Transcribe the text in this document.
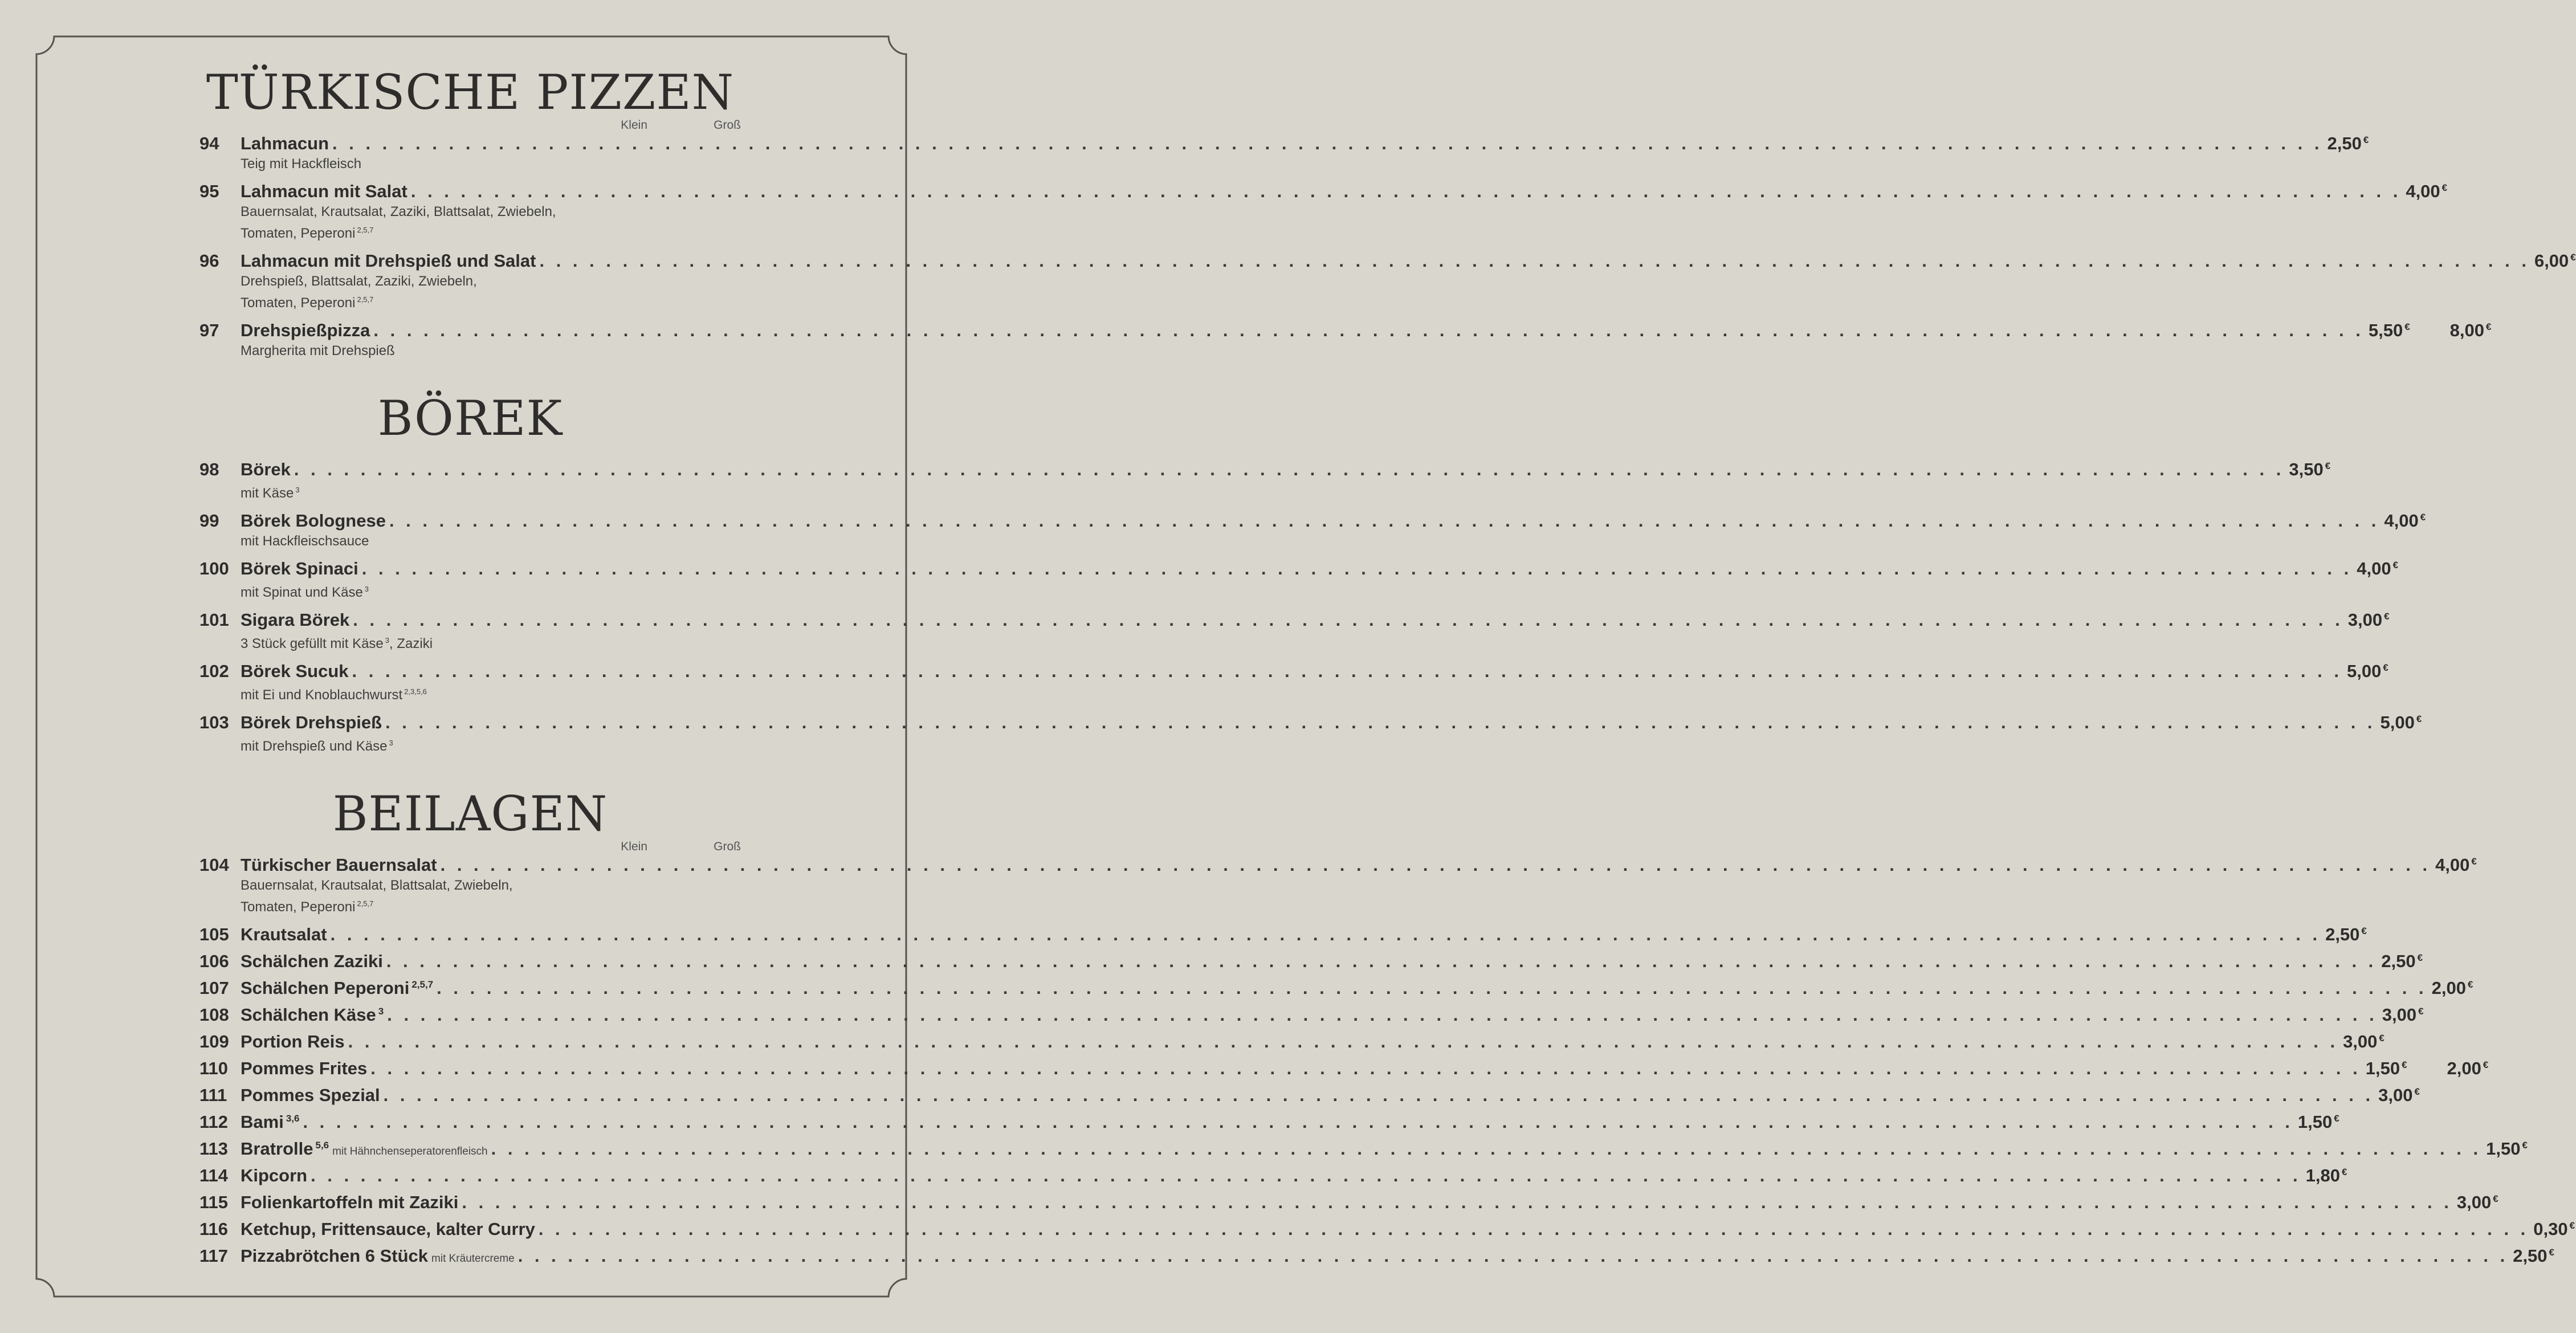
TÜRKISCHE PIZZEN
Klein	Groß
94	Lahmacun . . . . . . . . . . . . . . . . . . . . . . . . . . . . . . . . . . . . . . . . . . . . . . . . . . . . . . . . . . . . . . . . . . . . . . . . . . . . . . . . . . . . . . . . . . . . . . . . . . . . . . . . . . . . . . . . . . . . . . . . 2,50 €
Teig mit Hackfleisch
95	Lahmacun mit Salat . . . . . . . . . . . . . . . . . . . . . . . . . . . . . . . . . . . . . . . . . . . . . . . . . . . . . . . . . . . . . . . . . . . . . . . . . . . . . . . . . . . . . . . . . . . . . . . . . . . . . . . . . . . . . . . . . . . . . . . . 4,00 €
Bauernsalat, Krautsalat, Zaziki, Blattsalat, Zwiebeln,
Tomaten, Peperoni $^{2,5,7}$
96	Lahmacun mit Drehspieß und Salat . . . . . . . . . . . . . . . . . . . . . . . . . . . . . . . . . . . . . . . . . . . . . . . . . . . . . . . . . . . . . . . . . . . . . . . . . . . . . . . . . . . . . . . . . . . . . . . . . . . . . . . . . . . . . . . . . . . . . . . . 6,00 €
Drehspieß, Blattsalat, Zaziki, Zwiebeln,
Tomaten, Peperoni $^{2,5,7}$
97	Drehspießpizza . . . . . . . . . . . . . . . . . . . . . . . . . . . . . . . . . . . . . . . . . . . . . . . . . . . . . . . . . . . . . . . . . . . . . . . . . . . . . . . . . . . . . . . . . . . . . . . . . . . . . . . . . . . . . . . . . . . . . . . . 5,50 € 8,00 €
Margherita mit Drehspieß
BÖREK
98	Börek . . . . . . . . . . . . . . . . . . . . . . . . . . . . . . . . . . . . . . . . . . . . . . . . . . . . . . . . . . . . . . . . . . . . . . . . . . . . . . . . . . . . . . . . . . . . . . . . . . . . . . . . . . . . . . . . . . . . . . . . 3,50 €
mit Käse $^3$
99	Börek Bolognese . . . . . . . . . . . . . . . . . . . . . . . . . . . . . . . . . . . . . . . . . . . . . . . . . . . . . . . . . . . . . . . . . . . . . . . . . . . . . . . . . . . . . . . . . . . . . . . . . . . . . . . . . . . . . . . . . . . . . . . . 4,00 €
mit Hackfleischsauce
100 Börek Spinaci . . . . . . . . . . . . . . . . . . . . . . . . . . . . . . . . . . . . . . . . . . . . . . . . . . . . . . . . . . . . . . . . . . . . . . . . . . . . . . . . . . . . . . . . . . . . . . . . . . . . . . . . . . . . . . . . . . . . . . . . 4,00 €
mit Spinat und Käse $^3$
101 Sigara Börek . . . . . . . . . . . . . . . . . . . . . . . . . . . . . . . . . . . . . . . . . . . . . . . . . . . . . . . . . . . . . . . . . . . . . . . . . . . . . . . . . . . . . . . . . . . . . . . . . . . . . . . . . . . . . . . . . . . . . . . . 3,00 €
3 Stück gefüllt mit Käse $^3$, Zaziki
102 Börek Sucuk . . . . . . . . . . . . . . . . . . . . . . . . . . . . . . . . . . . . . . . . . . . . . . . . . . . . . . . . . . . . . . . . . . . . . . . . . . . . . . . . . . . . . . . . . . . . . . . . . . . . . . . . . . . . . . . . . . . . . . . . 5,00 €
mit Ei und Knoblauchwurst $^{2,3,5,6}$
103 Börek Drehspieß . . . . . . . . . . . . . . . . . . . . . . . . . . . . . . . . . . . . . . . . . . . . . . . . . . . . . . . . . . . . . . . . . . . . . . . . . . . . . . . . . . . . . . . . . . . . . . . . . . . . . . . . . . . . . . . . . . . . . . . . 5,00 €
mit Drehspieß und Käse $^3$
BEILAGEN
Klein	Groß
104 Türkischer Bauernsalat . . . . . . . . . . . . . . . . . . . . . . . . . . . . . . . . . . . . . . . . . . . . . . . . . . . . . . . . . . . . . . . . . . . . . . . . . . . . . . . . . . . . . . . . . . . . . . . . . . . . . . . . . . . . . . . . . . . . . . . . 4,00 €
Bauernsalat, Krautsalat, Blattsalat, Zwiebeln,
Tomaten, Peperoni $^{2,5,7}$
105 Krautsalat . . . . . . . . . . . . . . . . . . . . . . . . . . . . . . . . . . . . . . . . . . . . . . . . . . . . . . . . . . . . . . . . . . . . . . . . . . . . . . . . . . . . . . . . . . . . . . . . . . . . . . . . . . . . . . . . . . . . . . . . 2,50 €
106 Schälchen Zaziki . . . . . . . . . . . . . . . . . . . . . . . . . . . . . . . . . . . . . . . . . . . . . . . . . . . . . . . . . . . . . . . . . . . . . . . . . . . . . . . . . . . . . . . . . . . . . . . . . . . . . . . . . . . . . . . . . . . . . . . . 2,50 €
107 Schälchen Peperoni $^{2,5,7}$ . . . . . . . . . . . . . . . . . . . . . . . . . . . . . . . . . . . . . . . . . . . . . . . . . . . . . . . . . . . . . . . . . . . . . . . . . . . . . . . . . . . . . . . . . . . . . . . . . . . . . . . . . . . . . . . . . . . . . . . . 2,00 €
108 Schälchen Käse $^3$ . . . . . . . . . . . . . . . . . . . . . . . . . . . . . . . . . . . . . . . . . . . . . . . . . . . . . . . . . . . . . . . . . . . . . . . . . . . . . . . . . . . . . . . . . . . . . . . . . . . . . . . . . . . . . . . . . . . . . . . . 3,00 €
109 Portion Reis . . . . . . . . . . . . . . . . . . . . . . . . . . . . . . . . . . . . . . . . . . . . . . . . . . . . . . . . . . . . . . . . . . . . . . . . . . . . . . . . . . . . . . . . . . . . . . . . . . . . . . . . . . . . . . . . . . . . . . . . 3,00 €
110 Pommes Frites . . . . . . . . . . . . . . . . . . . . . . . . . . . . . . . . . . . . . . . . . . . . . . . . . . . . . . . . . . . . . . . . . . . . . . . . . . . . . . . . . . . . . . . . . . . . . . . . . . . . . . . . . . . . . . . . . . . . . . . . 1,50 € 2,00 €
111 Pommes Spezial . . . . . . . . . . . . . . . . . . . . . . . . . . . . . . . . . . . . . . . . . . . . . . . . . . . . . . . . . . . . . . . . . . . . . . . . . . . . . . . . . . . . . . . . . . . . . . . . . . . . . . . . . . . . . . . . . . . . . . . . 3,00 €
112 Bami $^{3,6}$ . . . . . . . . . . . . . . . . . . . . . . . . . . . . . . . . . . . . . . . . . . . . . . . . . . . . . . . . . . . . . . . . . . . . . . . . . . . . . . . . . . . . . . . . . . . . . . . . . . . . . . . . . . . . . . . . . . . . . . . . 1,50 €
113 Bratrolle $^{5,6}$mit Hähnchenseperatorenfleisch . . . . . . . . . . . . . . . . . . . . . . . . . . . . . . . . . . . . . . . . . . . . . . . . . . . . . . . . . . . . . . . . . . . . . . . . . . . . . . . . . . . . . . . . . . . . . . . . . . . . . . . . . . . . . . . . . . . . . . . . 1,50 €
114 Kipcorn . . . . . . . . . . . . . . . . . . . . . . . . . . . . . . . . . . . . . . . . . . . . . . . . . . . . . . . . . . . . . . . . . . . . . . . . . . . . . . . . . . . . . . . . . . . . . . . . . . . . . . . . . . . . . . . . . . . . . . . . 1,80 €
115 Folienkartoffeln mit Zaziki . . . . . . . . . . . . . . . . . . . . . . . . . . . . . . . . . . . . . . . . . . . . . . . . . . . . . . . . . . . . . . . . . . . . . . . . . . . . . . . . . . . . . . . . . . . . . . . . . . . . . . . . . . . . . . . . . . . . . . . . 3,00 €
116 Ketchup, Frittensauce, kalter Curry . . . . . . . . . . . . . . . . . . . . . . . . . . . . . . . . . . . . . . . . . . . . . . . . . . . . . . . . . . . . . . . . . . . . . . . . . . . . . . . . . . . . . . . . . . . . . . . . . . . . . . . . . . . . . . . . . . . . . . . . 0,30 €
117 Pizzabrötchen 6 Stück mit Kräutercreme . . . . . . . . . . . . . . . . . . . . . . . . . . . . . . . . . . . . . . . . . . . . . . . . . . . . . . . . . . . . . . . . . . . . . . . . . . . . . . . . . . . . . . . . . . . . . . . . . . . . . . . . . . . . . . . . . . . . . . . . 2,50 €
